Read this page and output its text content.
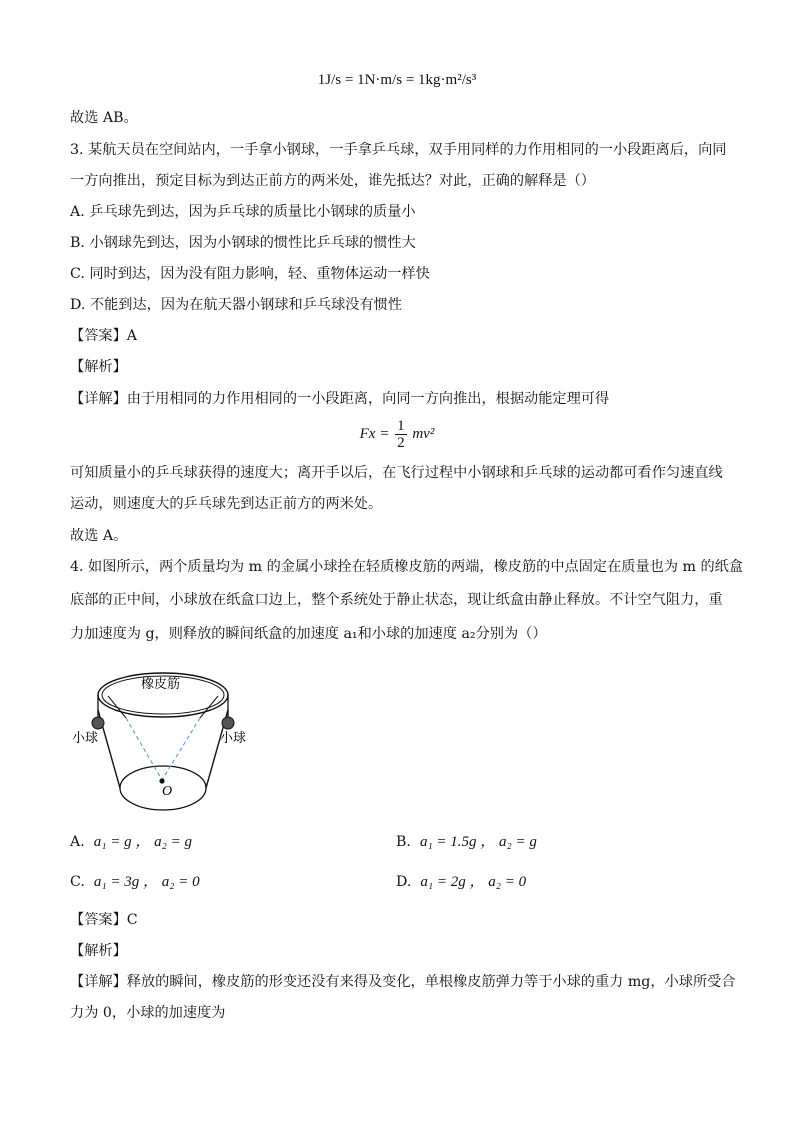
1J/s = 1N·m/s = 1kg·m²/s³
故选 AB。
3. 某航天员在空间站内，一手拿小钢球，一手拿乒乓球，双手用同样的力作用相同的一小段距离后，向同
一方向推出，预定目标为到达正前方的两米处，谁先抵达？对此，正确的解释是（）
A. 乒乓球先到达，因为乒乓球的质量比小钢球的质量小
B. 小钢球先到达，因为小钢球的惯性比乒乓球的惯性大
C. 同时到达，因为没有阻力影响，轻、重物体运动一样快
D. 不能到达，因为在航天器小钢球和乒乓球没有惯性
【答案】A
【解析】
【详解】由于用相同的力作用相同的一小段距离，向同一方向推出，根据动能定理可得
$Fx = \frac{1}{2} mv^2$
可知质量小的乒乓球获得的速度大；离开手以后，在飞行过程中小钢球和乒乓球的运动都可看作匀速直线
运动，则速度大的乒乓球先到达正前方的两米处。
故选 A。
4. 如图所示，两个质量均为 m 的金属小球拴在轻质橡皮筋的两端，橡皮筋的中点固定在质量也为 m 的纸盒
底部的正中间，小球放在纸盒口边上，整个系统处于静止状态，现让纸盒由静止释放。不计空气阻力，重
力加速度为 g，则释放的瞬间纸盒的加速度 a₁和小球的加速度 a₂分别为（）
橡皮筋
小球	小球
O
A. a₁ = g ， a₂ = g	B. a₁ = 1.5g ， a₂ = g
C. a₁ = 3g ， a₂ = 0	D. a₁ = 2g ， a₂ = 0
【答案】C
【解析】
【详解】释放的瞬间，橡皮筋的形变还没有来得及变化，单根橡皮筋弹力等于小球的重力 mg，小球所受合
力为 0，小球的加速度为
